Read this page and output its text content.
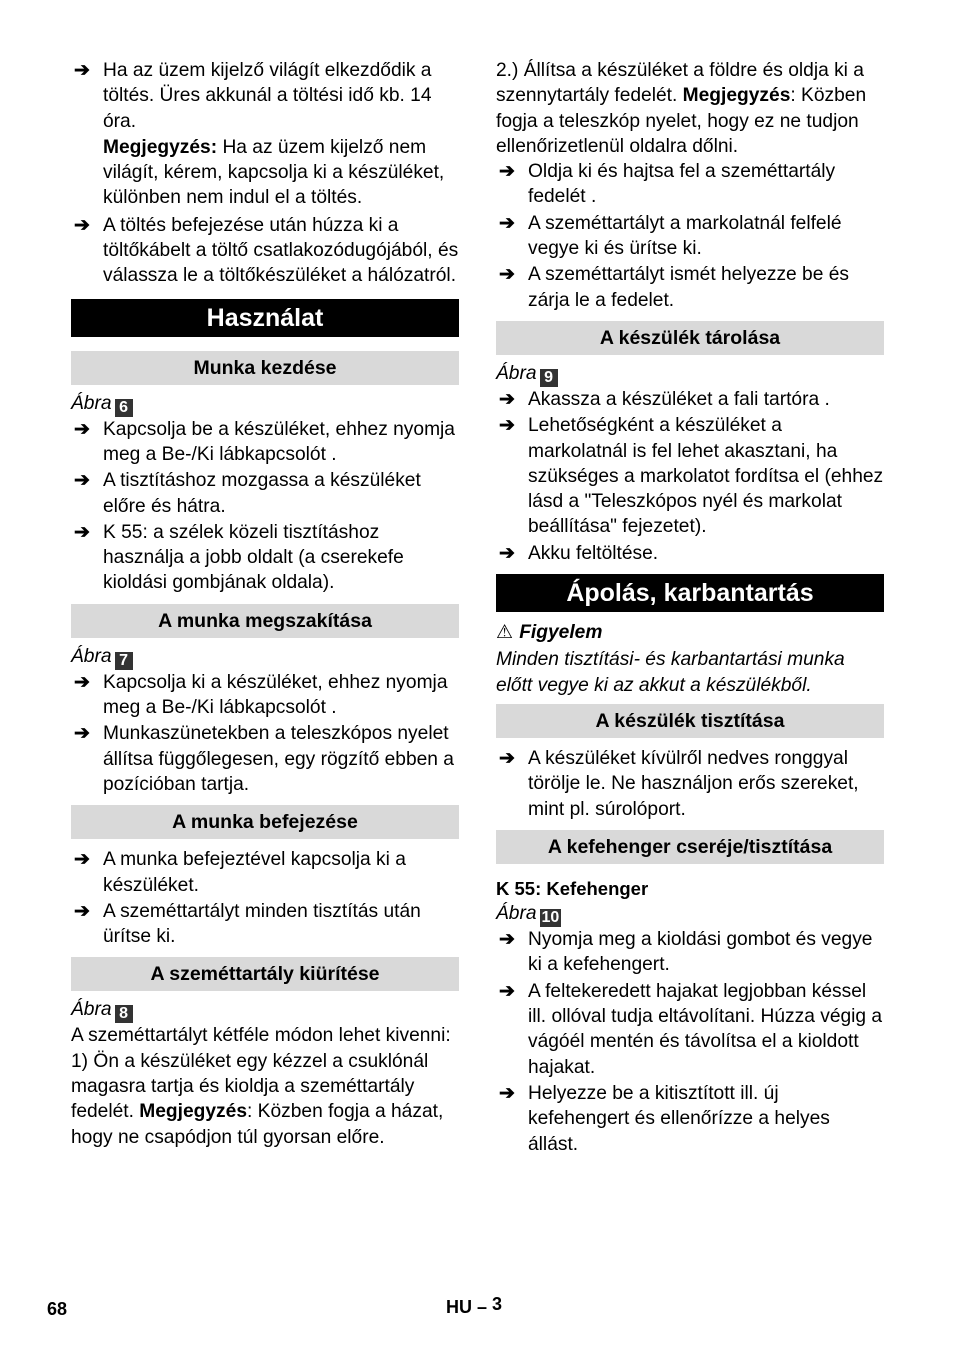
➔ Ha az üzem kijelző világít elkezdődik a töltés. Üres akkunál a töltési idő kb. 14 óra.

Megjegyzés: Ha az üzem kijelző nem világít, kérem, kapcsolja ki a készüléket, különben nem indul el a töltés.

➔ A töltés befejezése után húzza ki a töltőkábelt a töltő csatlakozódugójából, és válassza le a töltőkészüléket a hálózatról.
Használat
Munka kezdése

Ábra 6

➔ Kapcsolja be a készüléket, ehhez nyomja meg a Be-/Ki lábkapcsolót .
➔ A tisztításhoz mozgassa a készüléket előre és hátra.
➔ K 55: a szélek közeli tisztításhoz használja a jobb oldalt (a cserekefe kioldási gombjának oldala).
A munka megszakítása

Ábra 7

➔ Kapcsolja ki a készüléket, ehhez nyomja meg a Be-/Ki lábkapcsolót .
➔ Munkaszünetekben a teleszkópos nyelet állítsa függőlegesen, egy rögzítő ebben a pozícióban tartja.
A munka befejezése
➔ A munka befejeztével kapcsolja ki a készüléket.
➔ A szeméttartályt minden tisztítás után ürítse ki.
A szeméttartály kiürítése

Ábra 8

A szeméttartályt kétféle módon lehet kivenni:

1) Ön a készüléket egy kézzel a csuklónál magasra tartja és kioldja a szeméttartály fedelét. Megjegyzés: Közben fogja a házat, hogy ne csapódjon túl gyorsan előre.

2.) Állítsa a készüléket a földre és oldja ki a szennytartály fedelét. Megjegyzés: Közben fogja a teleszkóp nyelet, hogy ez ne tudjon ellenőrizetlenül oldalra dőlni.

➔ Oldja ki és hajtsa fel a szeméttartály fedelét .
➔ A szeméttartályt a markolatnál felfelé vegye ki és ürítse ki.
➔ A szeméttartályt ismét helyezze be és zárja le a fedelet.
A készülék tárolása

Ábra 9

➔ Akassza a készüléket a fali tartóra .
➔ Lehetőségként a készüléket a markolatnál is fel lehet akasztani, ha szükséges a markolatot fordítsa el (ehhez lásd a "Teleszkópos nyél és markolat beállítása" fejezetet).
➔ Akku feltöltése.
Ápolás, karbantartás

⚠ Figyelem

Minden tisztítási- és karbantartási munka előtt vegye ki az akkut a készülékből.

A készülék tisztítása
➔ A készüléket kívülről nedves ronggyal törölje le. Ne használjon erős szereket, mint pl. súrolóport.
A kefehenger cseréje/tisztítása

K 55: Kefehenger

Ábra 10

➔ Nyomja meg a kioldási gombot és vegye ki a kefehengert.
➔ A feltekeredett hajakat legjobban késsel ill. ollóval tudja eltávolítani. Húzza végig a vágóél mentén és távolítsa el a kioldott hajakat.
➔ Helyezze be a kitisztított ill. új kefehengert és ellenőrízze a helyes állást.
68	HU – 3
